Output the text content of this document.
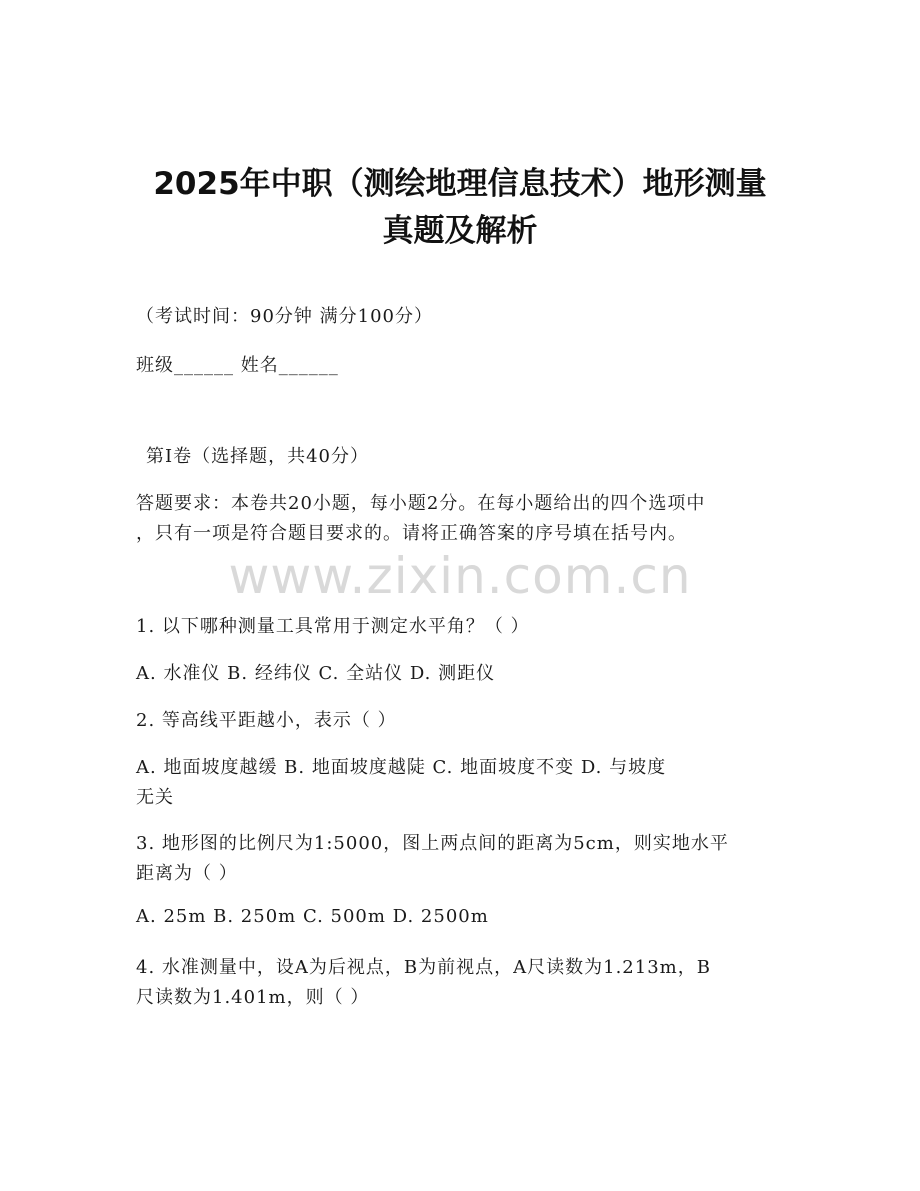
2025年中职（测绘地理信息技术）地形测量
真题及解析
（考试时间：90分钟 满分100分）
班级______ 姓名______
第Ⅰ卷（选择题，共40分）
答题要求：本卷共20小题，每小题2分。在每小题给出的四个选项中
，只有一项是符合题目要求的。请将正确答案的序号填在括号内。
www.zixin.com.cn
1. 以下哪种测量工具常用于测定水平角？（ ）
A. 水准仪 B. 经纬仪 C. 全站仪 D. 测距仪
2. 等高线平距越小，表示（ ）
A. 地面坡度越缓 B. 地面坡度越陡 C. 地面坡度不变 D. 与坡度
无关
3. 地形图的比例尺为1:5000，图上两点间的距离为5cm，则实地水平
距离为（ ）
A. 25m B. 250m C. 500m D. 2500m
4. 水准测量中，设A为后视点，B为前视点，A尺读数为1.213m，B
尺读数为1.401m，则（ ）
